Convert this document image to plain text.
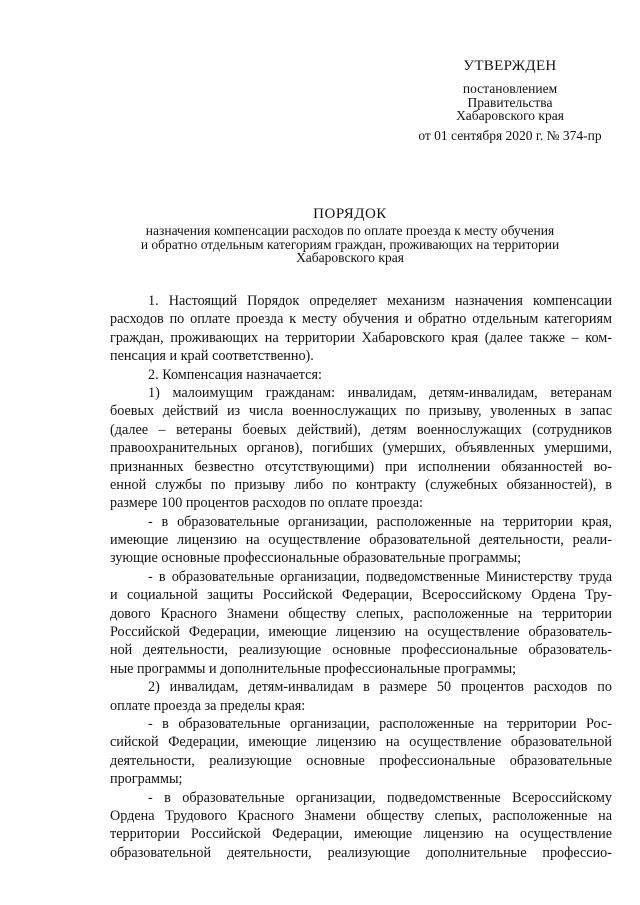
УТВЕРЖДЕН
постановлением
Правительства
Хабаровского края
от 01 сентября 2020 г. № 374-пр
ПОРЯДОК
назначения компенсации расходов по оплате проезда к месту обучения
и обратно отдельным категориям граждан, проживающих на территории
Хабаровского края
1. Настоящий Порядок определяет механизм назначения компенсации
расходов по оплате проезда к месту обучения и обратно отдельным категориям
граждан, проживающих на территории Хабаровского края (далее также – ком-
пенсация и край соответственно).
2. Компенсация назначается:
1) малоимущим гражданам: инвалидам, детям-инвалидам, ветеранам
боевых действий из числа военнослужащих по призыву, уволенных в запас
(далее – ветераны боевых действий), детям военнослужащих (сотрудников
правоохранительных органов), погибших (умерших, объявленных умершими,
признанных безвестно отсутствующими) при исполнении обязанностей во-
енной службы по призыву либо по контракту (служебных обязанностей), в
размере 100 процентов расходов по оплате проезда:
- в образовательные организации, расположенные на территории края,
имеющие лицензию на осуществление образовательной деятельности, реали-
зующие основные профессиональные образовательные программы;
- в образовательные организации, подведомственные Министерству труда
и социальной защиты Российской Федерации, Всероссийскому Ордена Тру-
дового Красного Знамени обществу слепых, расположенные на территории
Российской Федерации, имеющие лицензию на осуществление образователь-
ной деятельности, реализующие основные профессиональные образователь-
ные программы и дополнительные профессиональные программы;
2) инвалидам, детям-инвалидам в размере 50 процентов расходов по
оплате проезда за пределы края:
- в образовательные организации, расположенные на территории Рос-
сийской Федерации, имеющие лицензию на осуществление образовательной
деятельности, реализующие основные профессиональные образовательные
программы;
- в образовательные организации, подведомственные Всероссийскому
Ордена Трудового Красного Знамени обществу слепых, расположенные на
территории Российской Федерации, имеющие лицензию на осуществление
образовательной деятельности, реализующие дополнительные профессио-
